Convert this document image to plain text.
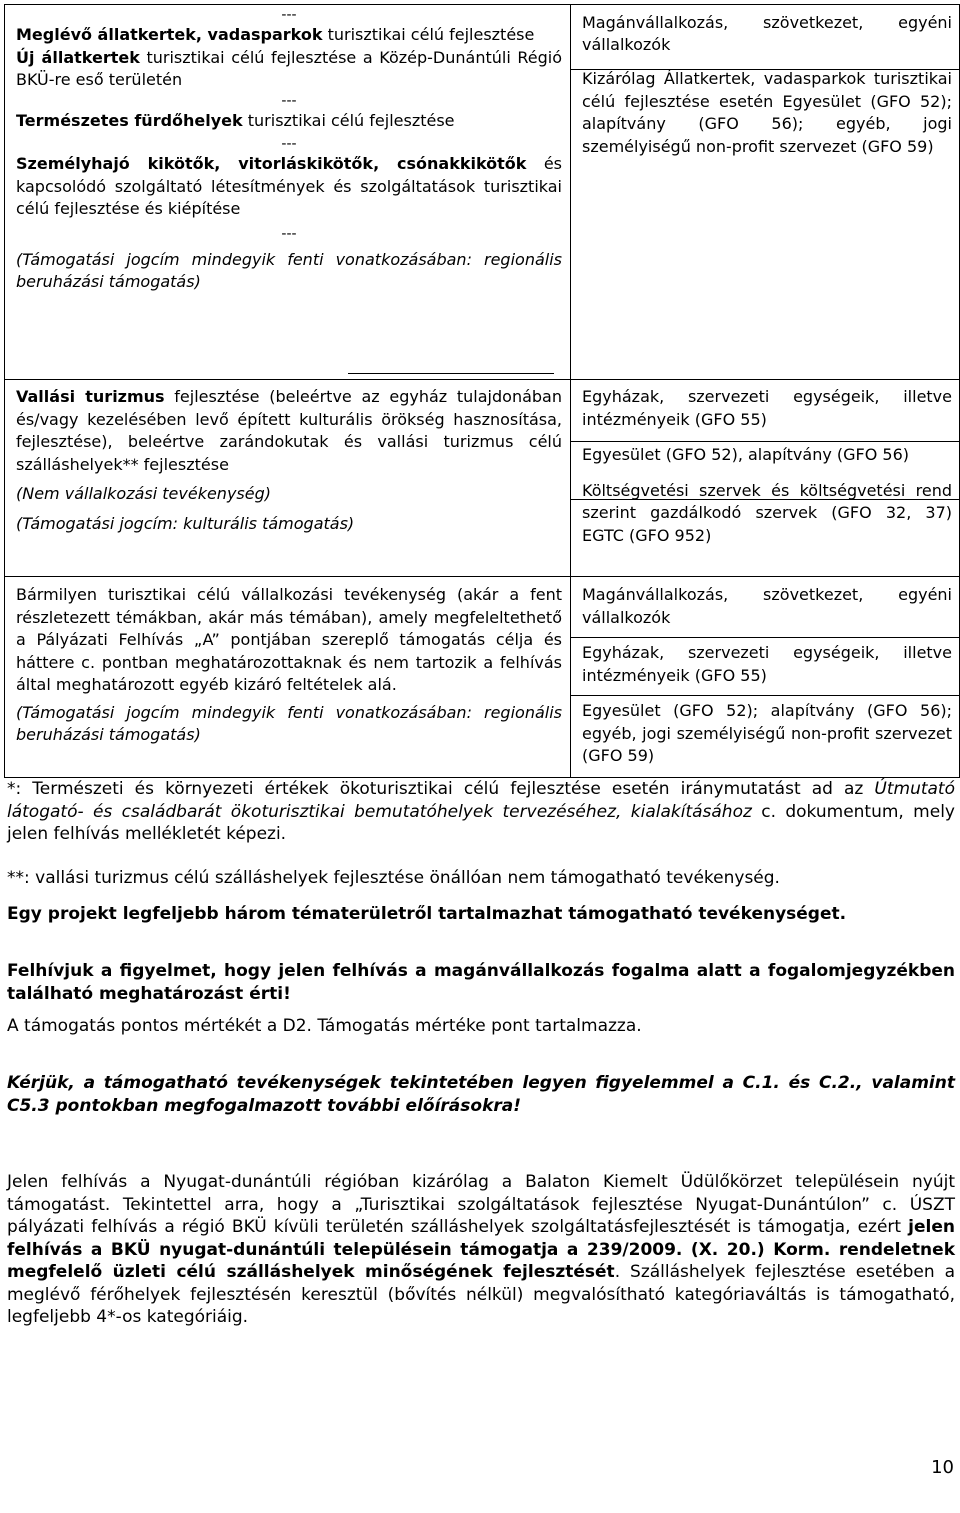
---

Meglévő állatkertek, vadasparkok turisztikai célú fejlesztése

Új állatkertek turisztikai célú fejlesztése a Közép-Dunántúli Régió BKÜ-re eső területén

---

Természetes fürdőhelyek turisztikai célú fejlesztése

---

Személyhajó kikötők, vitorláskikötők, csónakkikötők és kapcsolódó szolgáltató létesítmények és szolgáltatások turisztikai célú fejlesztése és kiépítése

---

(Támogatási jogcím mindegyik fenti vonatkozásában: regionális beruházási támogatás)

Magánvállalkozás, szövetkezet, egyéni vállalkozók

Kizárólag Állatkertek, vadasparkok turisztikai célú fejlesztése esetén Egyesület (GFO 52); alapítvány (GFO 56); egyéb, jogi személyiségű non-profit szervezet (GFO 59)

Vallási turizmus fejlesztése (beleértve az egyház tulajdonában és/vagy kezelésében levő épített kulturális örökség hasznosítása, fejlesztése), beleértve zarándokutak és vallási turizmus célú szálláshelyek** fejlesztése

(Nem vállalkozási tevékenység)

(Támogatási jogcím: kulturális támogatás)

Egyházak, szervezeti egységeik, illetve intézményeik (GFO 55)

Egyesület (GFO 52), alapítvány (GFO 56)

Költségvetési szervek és költségvetési rend szerint gazdálkodó szervek (GFO 32, 37) EGTC (GFO 952)

Bármilyen turisztikai célú vállalkozási tevékenység (akár a fent részletezett témákban, akár más témában), amely megfeleltethető a Pályázati Felhívás „A” pontjában szereplő támogatás célja és háttere c. pontban meghatározottaknak és nem tartozik a felhívás által meghatározott egyéb kizáró feltételek alá.

(Támogatási jogcím mindegyik fenti vonatkozásában: regionális beruházási támogatás)

Magánvállalkozás, szövetkezet, egyéni vállalkozók

Egyházak, szervezeti egységeik, illetve intézményeik (GFO 55)

Egyesület (GFO 52); alapítvány (GFO 56); egyéb, jogi személyiségű non-profit szervezet (GFO 59)

*: Természeti és környezeti értékek ökoturisztikai célú fejlesztése esetén iránymutatást ad az Útmutató látogató- és családbarát ökoturisztikai bemutatóhelyek tervezéséhez, kialakításához c. dokumentum, mely jelen felhívás mellékletét képezi.

**: vallási turizmus célú szálláshelyek fejlesztése önállóan nem támogatható tevékenység.

Egy projekt legfeljebb három tématerületről tartalmazhat támogatható tevékenységet.

Felhívjuk a figyelmet, hogy jelen felhívás a magánvállalkozás fogalma alatt a fogalomjegyzékben található meghatározást érti!

A támogatás pontos mértékét a D2. Támogatás mértéke pont tartalmazza.

Kérjük, a támogatható tevékenységek tekintetében legyen figyelemmel a C.1. és C.2., valamint C5.3 pontokban megfogalmazott további előírásokra!

Jelen felhívás a Nyugat-dunántúli régióban kizárólag a Balaton Kiemelt Üdülőkörzet településein nyújt támogatást. Tekintettel arra, hogy a „Turisztikai szolgáltatások fejlesztése Nyugat-Dunántúlon” c. ÚSZT pályázati felhívás a régió BKÜ kívüli területén szálláshelyek szolgáltatásfejlesztését is támogatja, ezért jelen felhívás a BKÜ nyugat-dunántúli településein támogatja a 239/2009. (X. 20.) Korm. rendeletnek megfelelő üzleti célú szálláshelyek minőségének fejlesztését. Szálláshelyek fejlesztése esetében a meglévő férőhelyek fejlesztésén keresztül (bővítés nélkül) megvalósítható kategóriaváltás is támogatható, legfeljebb 4*-os kategóriáig.

10
